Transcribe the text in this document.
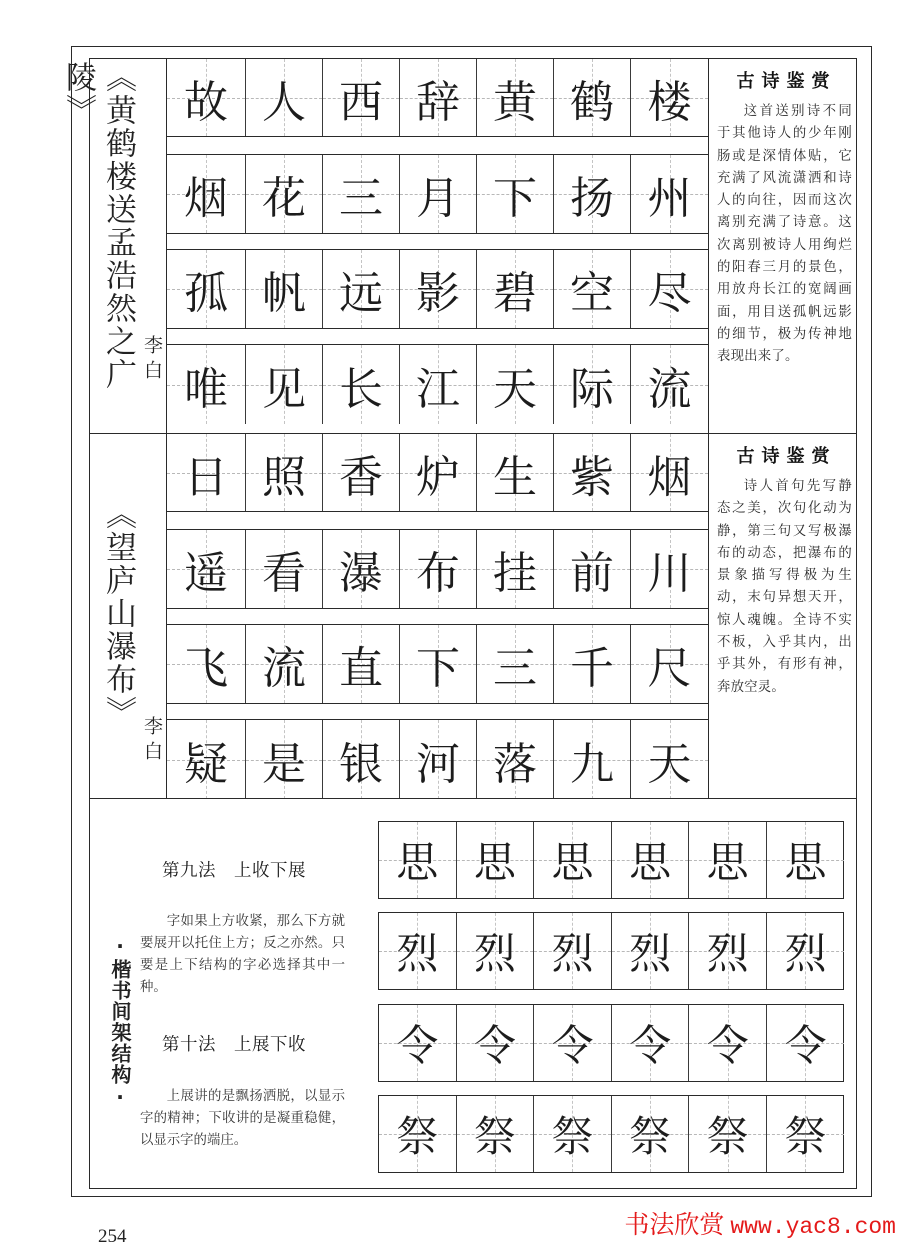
《黄鹤楼送孟浩然之广陵》
李白
故 人 西 辞 黄 鹤 楼
烟 花 三 月 下 扬 州
孤 帆 远 影 碧 空 尽
唯 见 长 江 天 际 流
古诗鉴赏
这首送别诗不同于其他诗人的少年刚肠或是深情体贴，它充满了风流潇洒和诗人的向往，因而这次离别充满了诗意。这次离别被诗人用绚烂的阳春三月的景色，用放舟长江的宽阔画面，用目送孤帆远影的细节，极为传神地表现出来了。
《望庐山瀑布》
李白
日 照 香 炉 生 紫 烟
遥 看 瀑 布 挂 前 川
飞 流 直 下 三 千 尺
疑 是 银 河 落 九 天
古诗鉴赏
诗人首句先写静态之美，次句化动为静，第三句又写极瀑布的动态，把瀑布的景象描写得极为生动，末句异想天开，惊人魂魄。全诗不实不板，入乎其内，出乎其外，有形有神，奔放空灵。
·楷书间架结构·
第九法　上收下展
字如果上方收紧，那么下方就要展开以托住上方；反之亦然。只要是上下结构的字必选择其中一种。
第十法　上展下收
上展讲的是飘扬洒脱，以显示字的精神；下收讲的是凝重稳健，以显示字的端庄。
思 思 思 思 思 思
烈 烈 烈 烈 烈 烈
令 令 令 令 令 令
祭 祭 祭 祭 祭 祭
254	书法欣赏 www.yac8.com
